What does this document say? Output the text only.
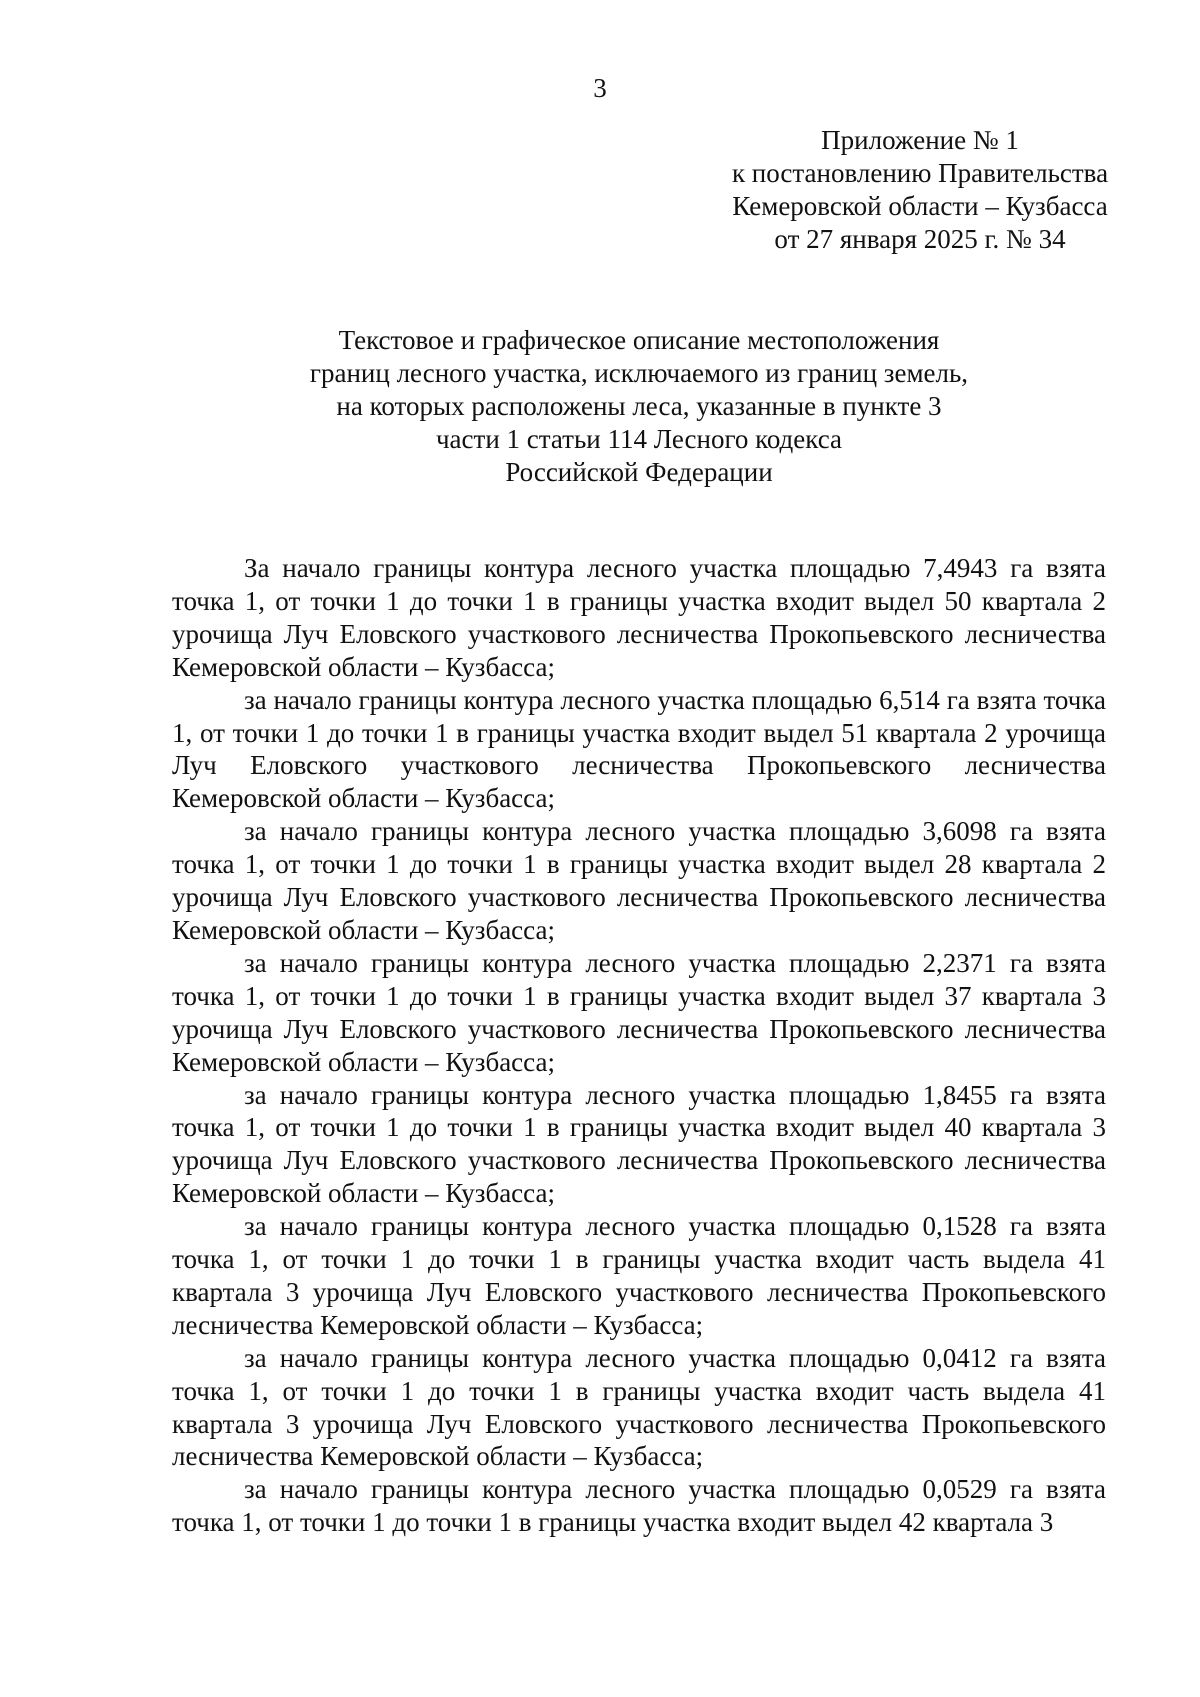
3
Приложение № 1
к постановлению Правительства
Кемеровской области – Кузбасса
от 27 января 2025 г. № 34
Текстовое и графическое описание местоположения
границ лесного участка, исключаемого из границ земель,
на которых расположены леса, указанные в пункте 3
части 1 статьи 114 Лесного кодекса
Российской Федерации

За начало границы контура лесного участка площадью 7,4943 га взята точка 1, от точки 1 до точки 1 в границы участка входит выдел 50 квартала 2 урочища Луч Еловского участкового лесничества Прокопьевского лесничества Кемеровской области – Кузбасса;

за начало границы контура лесного участка площадью 6,514 га взята точка 1, от точки 1 до точки 1 в границы участка входит выдел 51 квартала 2 урочища Луч Еловского участкового лесничества Прокопьевского лесничества Кемеровской области – Кузбасса;

за начало границы контура лесного участка площадью 3,6098 га взята точка 1, от точки 1 до точки 1 в границы участка входит выдел 28 квартала 2 урочища Луч Еловского участкового лесничества Прокопьевского лесничества Кемеровской области – Кузбасса;

за начало границы контура лесного участка площадью 2,2371 га взята точка 1, от точки 1 до точки 1 в границы участка входит выдел 37 квартала 3 урочища Луч Еловского участкового лесничества Прокопьевского лесничества Кемеровской области – Кузбасса;

за начало границы контура лесного участка площадью 1,8455 га взята точка 1, от точки 1 до точки 1 в границы участка входит выдел 40 квартала 3 урочища Луч Еловского участкового лесничества Прокопьевского лесничества Кемеровской области – Кузбасса;

за начало границы контура лесного участка площадью 0,1528 га взята точка 1, от точки 1 до точки 1 в границы участка входит часть выдела 41 квартала 3 урочища Луч Еловского участкового лесничества Прокопьевского лесничества Кемеровской области – Кузбасса;

за начало границы контура лесного участка площадью 0,0412 га взята точка 1, от точки 1 до точки 1 в границы участка входит часть выдела 41 квартала 3 урочища Луч Еловского участкового лесничества Прокопьевского лесничества Кемеровской области – Кузбасса;

за начало границы контура лесного участка площадью 0,0529 га взята точка 1, от точки 1 до точки 1 в границы участка входит выдел 42 квартала 3
